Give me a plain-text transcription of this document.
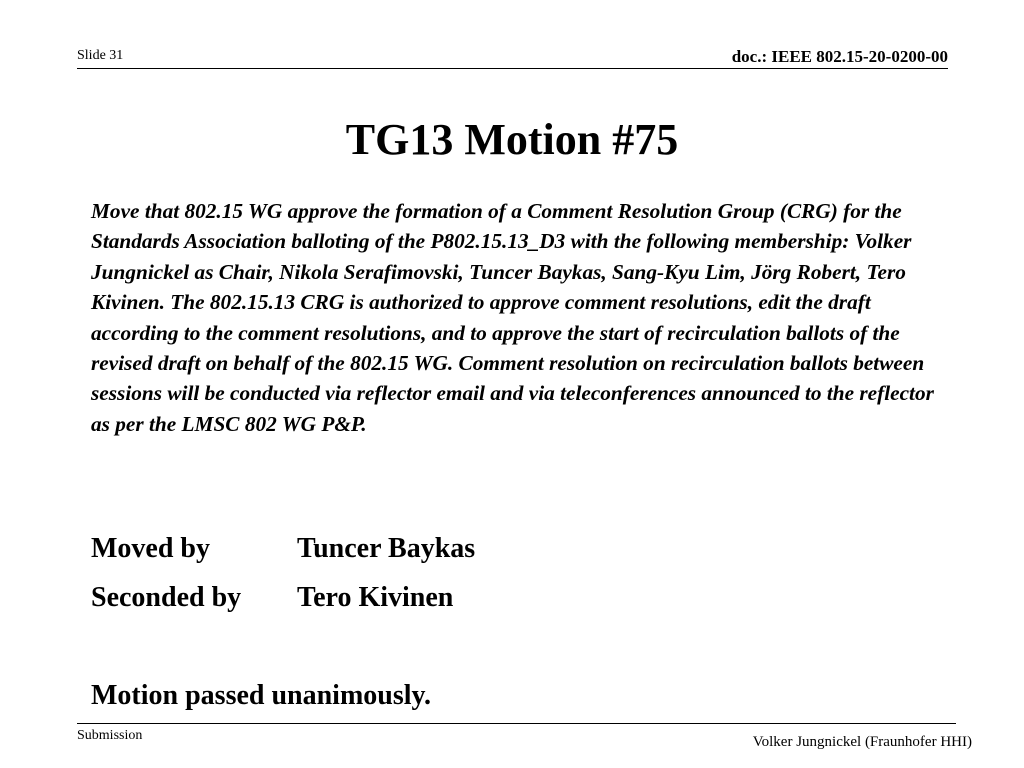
Slide 31	doc.: IEEE 802.15-20-0200-00
TG13 Motion #75
Move that 802.15 WG approve the formation of a Comment Resolution Group (CRG) for the Standards Association balloting of the P802.15.13_D3 with the following membership: Volker Jungnickel as Chair, Nikola Serafimovski, Tuncer Baykas, Sang-Kyu Lim, Jörg Robert, Tero Kivinen. The 802.15.13 CRG is authorized to approve comment resolutions, edit the draft according to the comment resolutions, and to approve the start of recirculation ballots of the revised draft on behalf of the 802.15 WG. Comment resolution on recirculation ballots between sessions will be conducted via reflector email and via teleconferences announced to the reflector as per the LMSC 802 WG P&P.
Moved by	Tuncer Baykas
Seconded by Tero Kivinen
Motion passed unanimously.
Submission	Volker Jungnickel (Fraunhofer HHI)
